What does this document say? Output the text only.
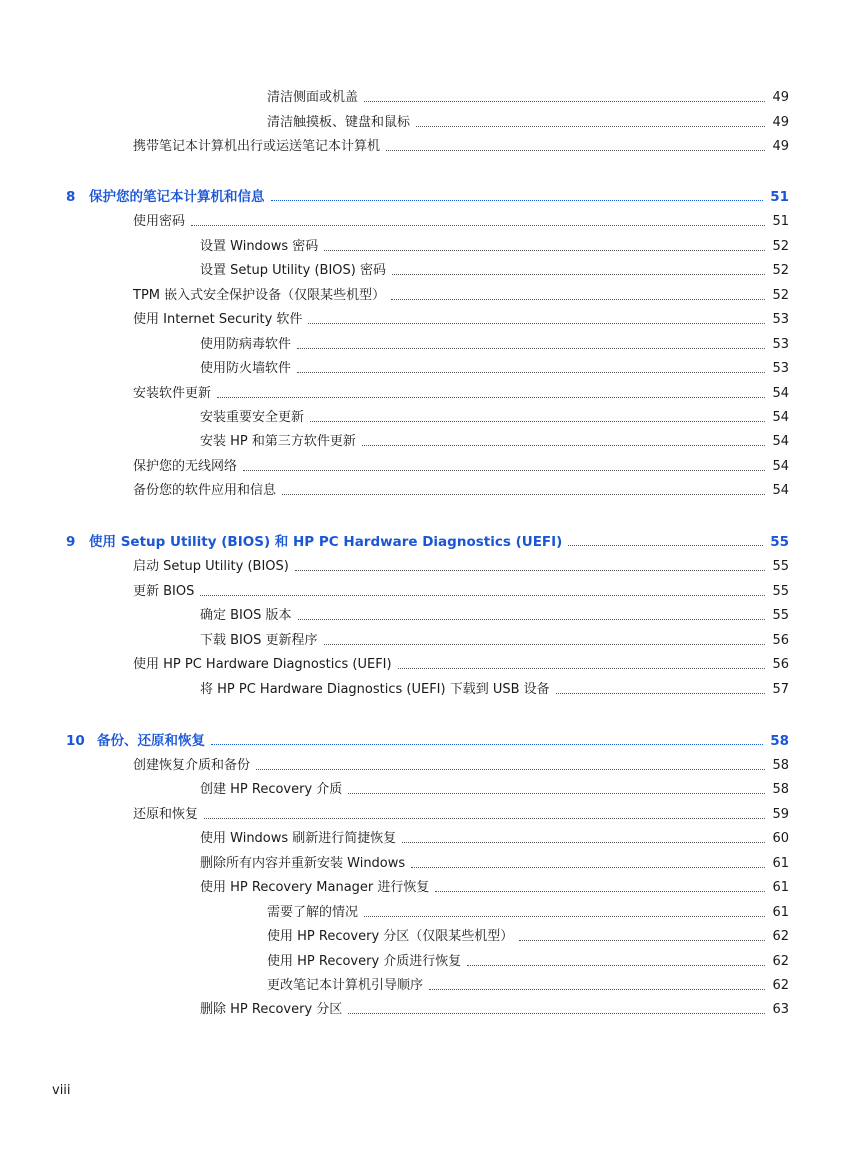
清洁侧面或机盖	49
清洁触摸板、键盘和鼠标	49
携带笔记本计算机出行或运送笔记本计算机	49
8	保护您的笔记本计算机和信息	51
使用密码	51
设置 Windows 密码	52
设置 Setup Utility (BIOS) 密码	52
TPM 嵌入式安全保护设备（仅限某些机型）	52
使用 Internet Security 软件	53
使用防病毒软件	53
使用防火墙软件	53
安装软件更新	54
安装重要安全更新	54
安装 HP 和第三方软件更新	54
保护您的无线网络	54
备份您的软件应用和信息	54
9	使用 Setup Utility (BIOS) 和 HP PC Hardware Diagnostics (UEFI)	55
启动 Setup Utility (BIOS)	55
更新 BIOS	55
确定 BIOS 版本	55
下载 BIOS 更新程序	56
使用 HP PC Hardware Diagnostics (UEFI)	56
将 HP PC Hardware Diagnostics (UEFI) 下载到 USB 设备	57
10 备份、还原和恢复	58
创建恢复介质和备份	58
创建 HP Recovery 介质	58
还原和恢复	59
使用 Windows 刷新进行简捷恢复	60
删除所有内容并重新安装 Windows	61
使用 HP Recovery Manager 进行恢复	61
需要了解的情况	61
使用 HP Recovery 分区（仅限某些机型）	62
使用 HP Recovery 介质进行恢复	62
更改笔记本计算机引导顺序	62
删除 HP Recovery 分区	63
viii
